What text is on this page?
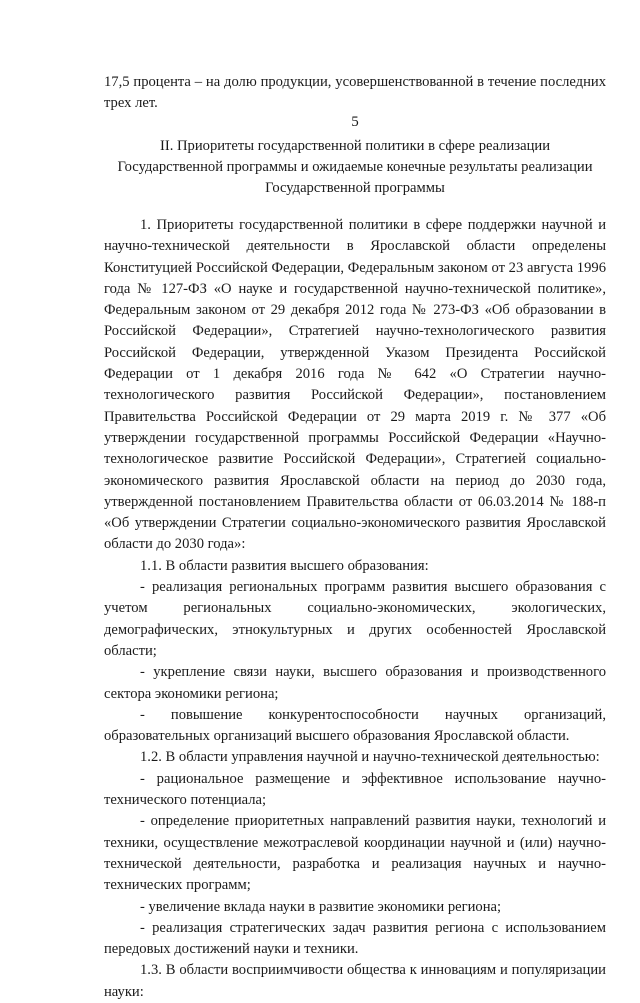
5
17,5 процента – на долю продукции, усовершенствованной в течение последних трех лет.
II. Приоритеты государственной политики в сфере реализации
Государственной программы и ожидаемые конечные результаты реализации
Государственной программы

1. Приоритеты государственной политики в сфере поддержки научной и научно-технической деятельности в Ярославской области определены Конституцией Российской Федерации, Федеральным законом от 23 августа 1996 года № 127-ФЗ «О науке и государственной научно-технической политике», Федеральным законом от 29 декабря 2012 года № 273-ФЗ «Об образовании в Российской Федерации», Стратегией научно-технологического развития Российской Федерации, утвержденной Указом Президента Российской Федерации от 1 декабря 2016 года № 642 «О Стратегии научно-технологического развития Российской Федерации», постановлением Правительства Российской Федерации от 29 марта 2019 г. № 377 «Об утверждении государственной программы Российской Федерации «Научно-технологическое развитие Российской Федерации», Стратегией социально-экономического развития Ярославской области на период до 2030 года, утвержденной постановлением Правительства области от 06.03.2014 № 188-п «Об утверждении Стратегии социально-экономического развития Ярославской области до 2030 года»:

1.1. В области развития высшего образования:

- реализация региональных программ развития высшего образования с учетом региональных социально-экономических, экологических, демографических, этнокультурных и других особенностей Ярославской области;

- укрепление связи науки, высшего образования и производственного сектора экономики региона;

- повышение конкурентоспособности научных организаций, образовательных организаций высшего образования Ярославской области.

1.2. В области управления научной и научно-технической деятельностью:

- рациональное размещение и эффективное использование научно-технического потенциала;

- определение приоритетных направлений развития науки, технологий и техники, осуществление межотраслевой координации научной и (или) научно-технической деятельности, разработка и реализация научных и научно-технических программ;

- увеличение вклада науки в развитие экономики региона;

- реализация стратегических задач развития региона с использованием передовых достижений науки и техники.

1.3. В области восприимчивости общества к инновациям и популяризации науки:
